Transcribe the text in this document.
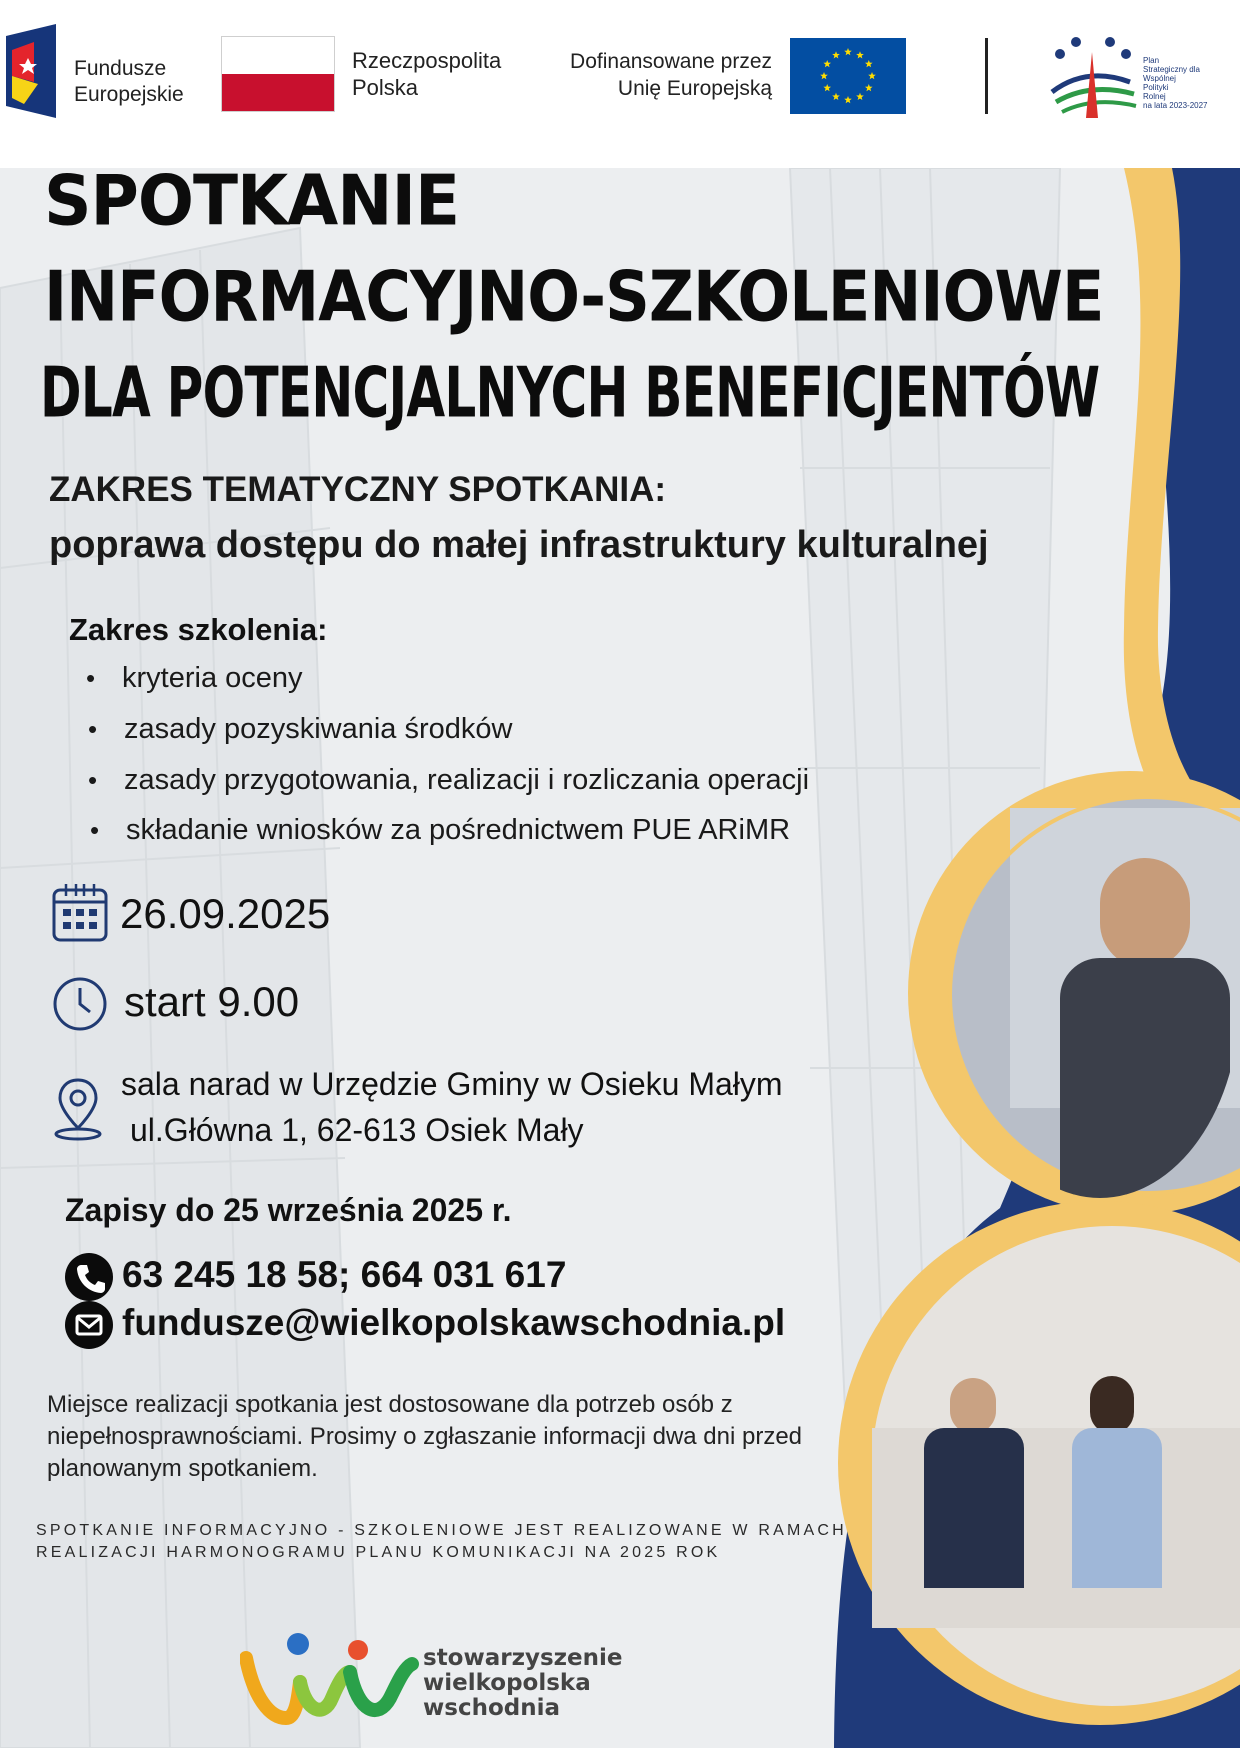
Fundusze
Europejskie
Rzeczpospolita
Polska
Dofinansowane przez
Unię Europejską
Plan
Strategiczny dla
Wspólnej
Polityki
Rolnej
na lata 2023-2027
SPOTKANIE
INFORMACYJNO-SZKOLENIOWE
DLA POTENCJALNYCH BENEFICJENTÓW
ZAKRES TEMATYCZNY SPOTKANIA:
poprawa dostępu do małej infrastruktury kulturalnej
Zakres szkolenia:
• kryteria oceny
• zasady pozyskiwania środków
• zasady przygotowania, realizacji i rozliczania operacji
• składanie wniosków za pośrednictwem PUE ARiMR
26.09.2025
start 9.00
sala narad w Urzędzie Gminy w Osieku Małym
ul.Główna 1, 62-613 Osiek Mały
Zapisy do 25 września 2025 r.
63 245 18 58; 664 031 617
fundusze@wielkopolskawschodnia.pl
Miejsce realizacji spotkania jest dostosowane dla potrzeb osób z niepełnosprawnościami. Prosimy o zgłaszanie informacji dwa dni przed planowanym spotkaniem.
SPOTKANIE INFORMACYJNO - SZKOLENIOWE JEST REALIZOWANE W RAMACH
REALIZACJI HARMONOGRAMU PLANU KOMUNIKACJI NA 2025 ROK
stowarzyszenie
wielkopolska
wschodnia
